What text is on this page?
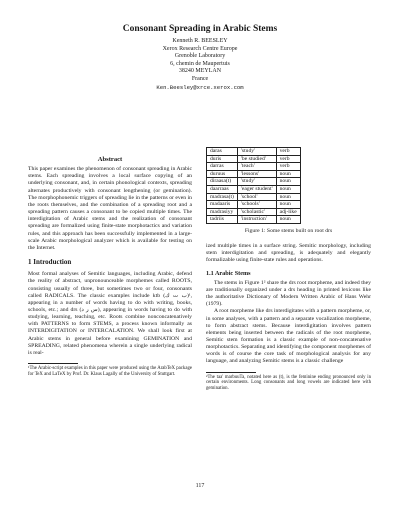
Consonant Spreading in Arabic Stems
Kenneth R. BEESLEY
Xerox Research Centre Europe
Grenoble Laboratory
6, chemin de Maupertuis
38240 MEYLAN
France
Ken.Beesley@xrce.xerox.com
Abstract

This paper examines the phenomenon of consonant spreading in Arabic stems. Each spreading involves a local surface copying of an underlying consonant, and, in certain phonological contexts, spreading alternates productively with consonant lengthening (or gemination). The morphophonemic triggers of spreading lie in the patterns or even in the roots themselves, and the combination of a spreading root and a spreading pattern causes a consonant to be copied multiple times. The interdigitation of Arabic stems and the realization of consonant spreading are formalized using finite-state morphotactics and variation rules, and this approach has been successfully implemented in a large-scale Arabic morphological analyzer which is available for testing on the Internet.

1 Introduction

Most formal analyses of Semitic languages, including Arabic, defend the reality of abstract, unpronounceable morphemes called ROOTS, consisting usually of three, but sometimes two or four, consonants called RADICALS. The classic examples include ktb (ب ت ك)¹, appearing in a number of words having to do with writing, books, schools, etc.; and drs (س ر د), appearing in words having to do with studying, learning, teaching, etc. Roots combine nonconcatenatively with PATTERNS to form STEMS, a process known informally as INTERDIGITATION or INTERCALATION. We shall look first at Arabic stems in general before examining GEMINATION and SPREADING, related phenomena wherein a single underlying radical is real-

¹The Arabic-script examples in this paper were produced using the ArabTeX package for TeX and LaTeX by Prof. Dr. Klaus Lagally of the University of Stuttgart.

daras	'study'	verb
duris	'be studied'	verb
darras	'teach'	verb
duruus	'lessons'	noun
diraasa(t)	'study'	noun
daarraas	'eager student'	noun
madrasa(t)	'school'	noun
madaaris	'schools'	noun
madrasiyy	'scholastic'	adj-like
tadriis	'instruction'	noun
Figure 1: Some stems built on root drs

ized multiple times in a surface string. Semitic morphology, including stem interdigitation and spreading, is adequately and elegantly formalizable using finite-state rules and operations.

1.1 Arabic Stems

The stems in Figure 1² share the drs root morpheme, and indeed they are traditionally organized under a drs heading in printed lexicons like the authoritative Dictionary of Modern Written Arabic of Hans Wehr (1979).

A root morpheme like drs interdigitates with a pattern morpheme, or, in some analyses, with a pattern and a separate vocalization morpheme, to form abstract stems. Because interdigitation involves pattern elements being inserted between the radicals of the root morpheme, Semitic stem formation is a classic example of non-concatenative morphotactics. Separating and identifying the component morphemes of words is of course the core task of morphological analysis for any language, and analyzing Semitic stems is a classic challenge

²The taa' marbuuTa, notated here as (t), is the feminine ending pronounced only in certain environments. Long consonants and long vowels are indicated here with gemination.

117
